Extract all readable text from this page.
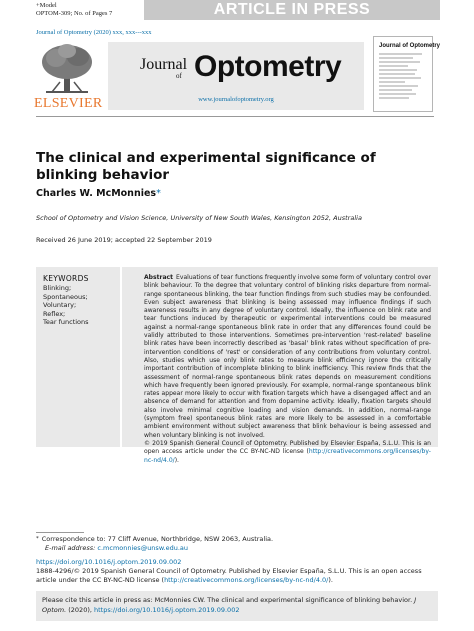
+Model
OPTOM-309; No. of Pages 7	ARTICLE IN PRESS
Journal of Optometry (2020) xxx, xxx---xxx
ELSEVIER
Journal
of Optometry
www.journalofoptometry.org
Journal of Optometry
The clinical and experimental significance of blinking behavior
Charles W. McMonnies*
School of Optometry and Vision Science, University of New South Wales, Kensington 2052, Australia
Received 26 June 2019; accepted 22 September 2019
KEYWORDS
Blinking;
Spontaneous;
Voluntary;
Reflex;
Tear functions

Abstract Evaluations of tear functions frequently involve some form of voluntary control over blink behaviour. To the degree that voluntary control of blinking risks departure from normal-range spontaneous blinking, the tear function findings from such studies may be confounded. Even subject awareness that blinking is being assessed may influence findings if such awareness results in any degree of voluntary control. Ideally, the influence on blink rate and tear functions induced by therapeutic or experimental interventions could be measured against a normal-range spontaneous blink rate in order that any differences found could be validly attributed to those interventions. Sometimes pre-intervention 'rest-related' baseline blink rates have been incorrectly described as 'basal' blink rates without specification of pre-intervention conditions of 'rest' or consideration of any contributions from voluntary control. Also, studies which use only blink rates to measure blink efficiency ignore the critically important contribution of incomplete blinking to blink inefficiency. This review finds that the assessment of normal-range spontaneous blink rates depends on measurement conditions which have frequently been ignored previously. For example, normal-range spontaneous blink rates appear more likely to occur with fixation targets which have a disengaged affect and an absence of demand for attention and from dopamine activity. Ideally, fixation targets should also involve minimal cognitive loading and vision demands. In addition, normal-range (symptom free) spontaneous blink rates are more likely to be assessed in a comfortable ambient environment without subject awareness that blink behaviour is being assessed and when voluntary blinking is not involved.
© 2019 Spanish General Council of Optometry. Published by Elsevier España, S.L.U. This is an open access article under the CC BY-NC-ND license (http://creativecommons.org/licenses/by-nc-nd/4.0/).

* Correspondence to: 77 Cliff Avenue, Northbridge, NSW 2063, Australia.
E-mail address: c.mcmonnies@unsw.edu.au
https://doi.org/10.1016/j.optom.2019.09.002
1888-4296/© 2019 Spanish General Council of Optometry. Published by Elsevier España, S.L.U. This is an open access article under the CC BY-NC-ND license (http://creativecommons.org/licenses/by-nc-nd/4.0/).
Please cite this article in press as: McMonnies CW. The clinical and experimental significance of blinking behavior. J Optom. (2020), https://doi.org/10.1016/j.optom.2019.09.002
